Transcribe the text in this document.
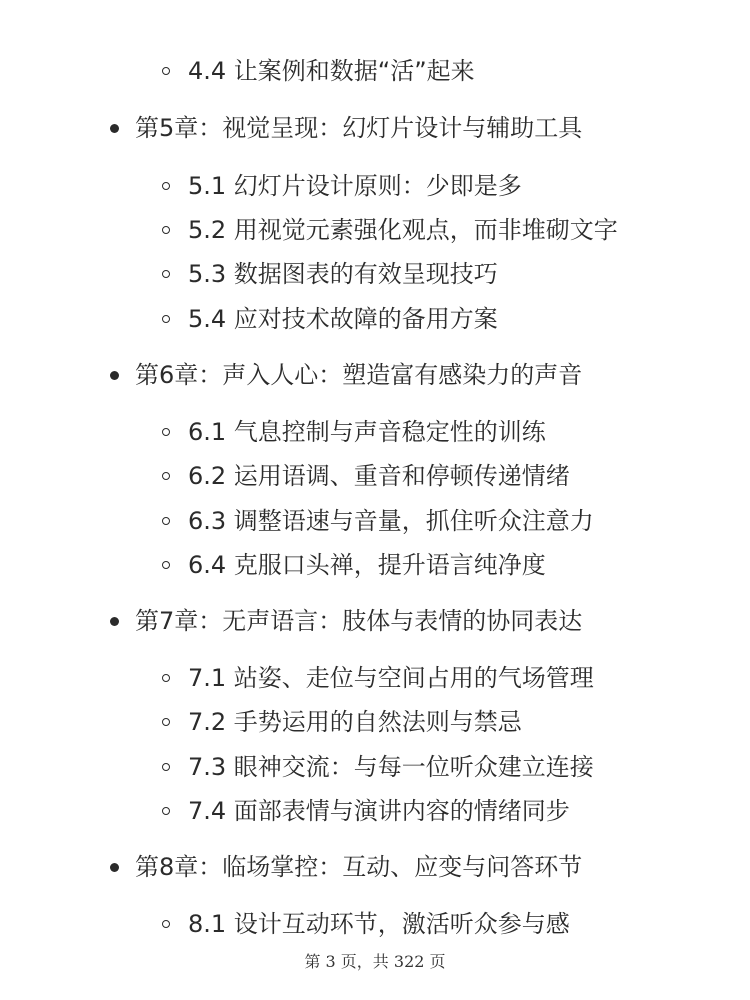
4.4 让案例和数据“活”起来
第5章：视觉呈现：幻灯片设计与辅助工具
5.1 幻灯片设计原则：少即是多
5.2 用视觉元素强化观点，而非堆砌文字
5.3 数据图表的有效呈现技巧
5.4 应对技术故障的备用方案
第6章：声入人心：塑造富有感染力的声音
6.1 气息控制与声音稳定性的训练
6.2 运用语调、重音和停顿传递情绪
6.3 调整语速与音量，抓住听众注意力
6.4 克服口头禅，提升语言纯净度
第7章：无声语言：肢体与表情的协同表达
7.1 站姿、走位与空间占用的气场管理
7.2 手势运用的自然法则与禁忌
7.3 眼神交流：与每一位听众建立连接
7.4 面部表情与演讲内容的情绪同步
第8章：临场掌控：互动、应变与问答环节
8.1 设计互动环节，激活听众参与感
第 3 页，共 322 页
